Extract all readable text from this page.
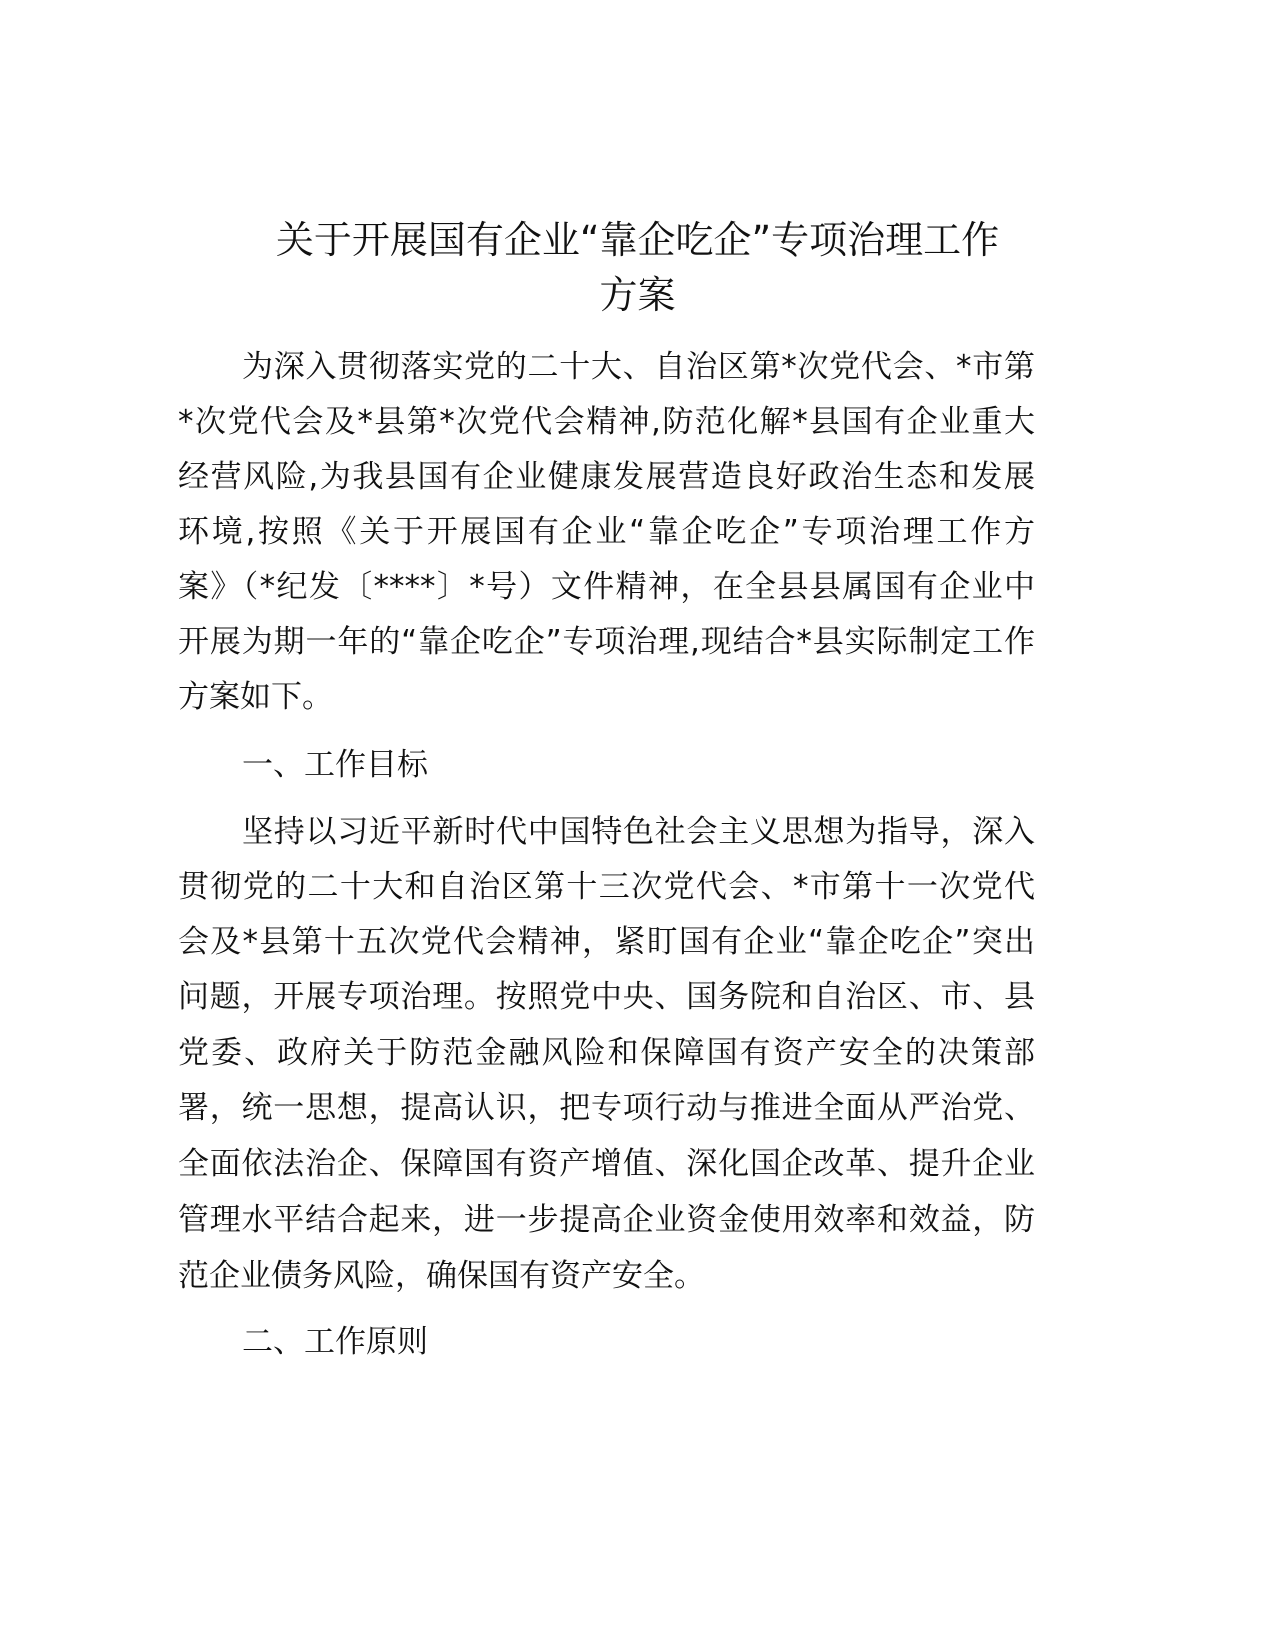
关于开展国有企业“靠企吃企”专项治理工作
方案
为深入贯彻落实党的二十大、自治区第*次党代会、*市第
*次党代会及*县第*次党代会精神,防范化解*县国有企业重大
经营风险,为我县国有企业健康发展营造良好政治生态和发展
环境,按照《关于开展国有企业“靠企吃企”专项治理工作方
案》（*纪发〔****〕*号）文件精神，在全县县属国有企业中
开展为期一年的“靠企吃企”专项治理,现结合*县实际制定工作
方案如下。
一、工作目标
坚持以习近平新时代中国特色社会主义思想为指导，深入
贯彻党的二十大和自治区第十三次党代会、*市第十一次党代
会及*县第十五次党代会精神，紧盯国有企业“靠企吃企”突出
问题，开展专项治理。按照党中央、国务院和自治区、市、县
党委、政府关于防范金融风险和保障国有资产安全的决策部
署，统一思想，提高认识，把专项行动与推进全面从严治党、
全面依法治企、保障国有资产增值、深化国企改革、提升企业
管理水平结合起来，进一步提高企业资金使用效率和效益，防
范企业债务风险，确保国有资产安全。
二、工作原则
